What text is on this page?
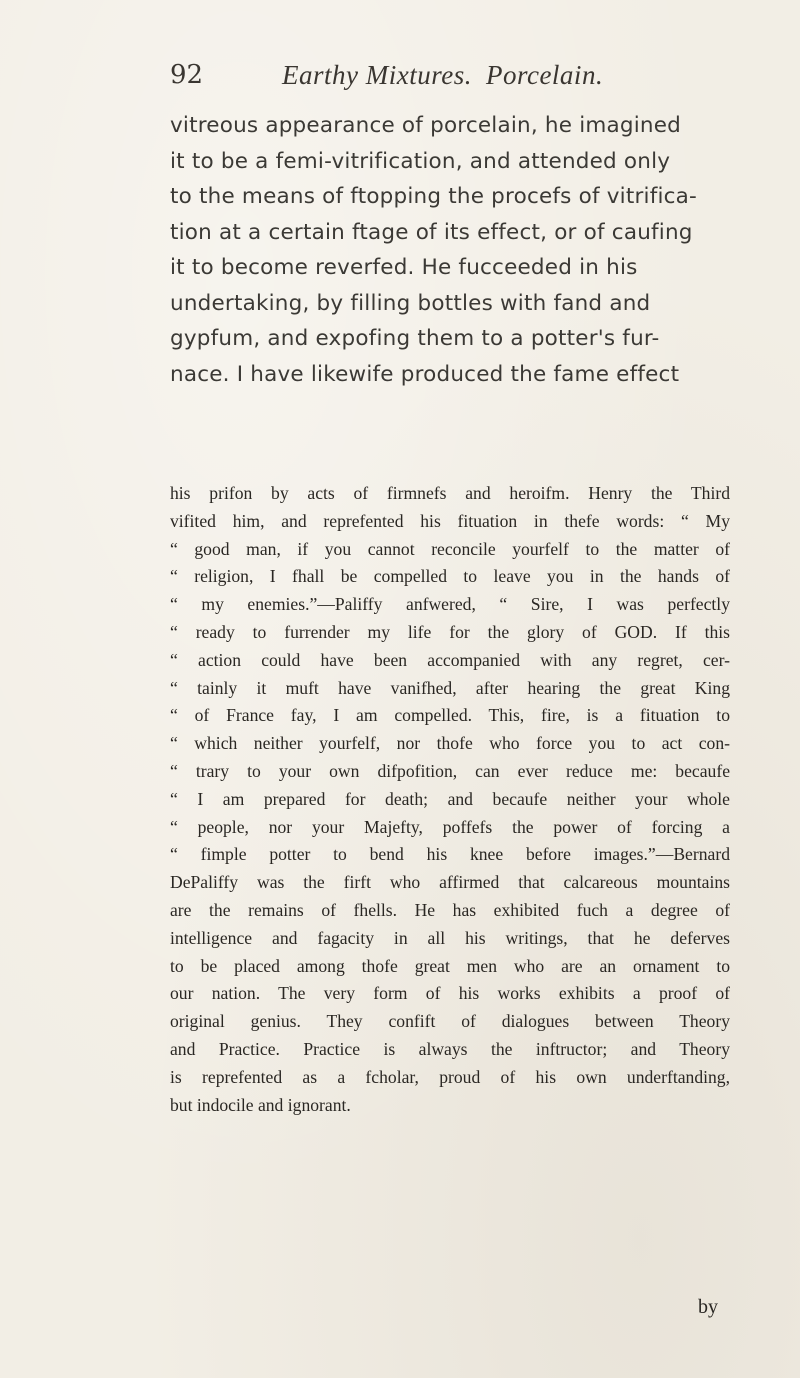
92	Earthy Mixtures. Porcelain.
vitreous appearance of porcelain, he imagined
it to be a femi-vitrification, and attended only
to the means of ftopping the procefs of vitrifica-
tion at a certain ftage of its effect, or of caufing
it to become reverfed. He fucceeded in his
undertaking, by filling bottles with fand and
gypfum, and expofing them to a potter's fur-
nace. I have likewife produced the fame effect
his prifon by acts of firmnefs and heroifm. Henry the Third
vifited him, and reprefented his fituation in thefe words: “ My
“ good man, if you cannot reconcile yourfelf to the matter of
“ religion, I fhall be compelled to leave you in the hands of
“ my enemies.”—Paliffy anfwered, “ Sire, I was perfectly
“ ready to furrender my life for the glory of GOD. If this
“ action could have been accompanied with any regret, cer-
“ tainly it muft have vanifhed, after hearing the great King
“ of France fay, I am compelled. This, fire, is a fituation to
“ which neither yourfelf, nor thofe who force you to act con-
“ trary to your own difpofition, can ever reduce me: becaufe
“ I am prepared for death; and becaufe neither your whole
“ people, nor your Majefty, poffefs the power of forcing a
“ fimple potter to bend his knee before images.”—Bernard
DePaliffy was the firft who affirmed that calcareous mountains
are the remains of fhells. He has exhibited fuch a degree of
intelligence and fagacity in all his writings, that he deferves
to be placed among thofe great men who are an ornament to
our nation. The very form of his works exhibits a proof of
original genius. They confift of dialogues between Theory
and Practice. Practice is always the inftructor; and Theory
is reprefented as a fcholar, proud of his own underftanding,
but indocile and ignorant.
by
